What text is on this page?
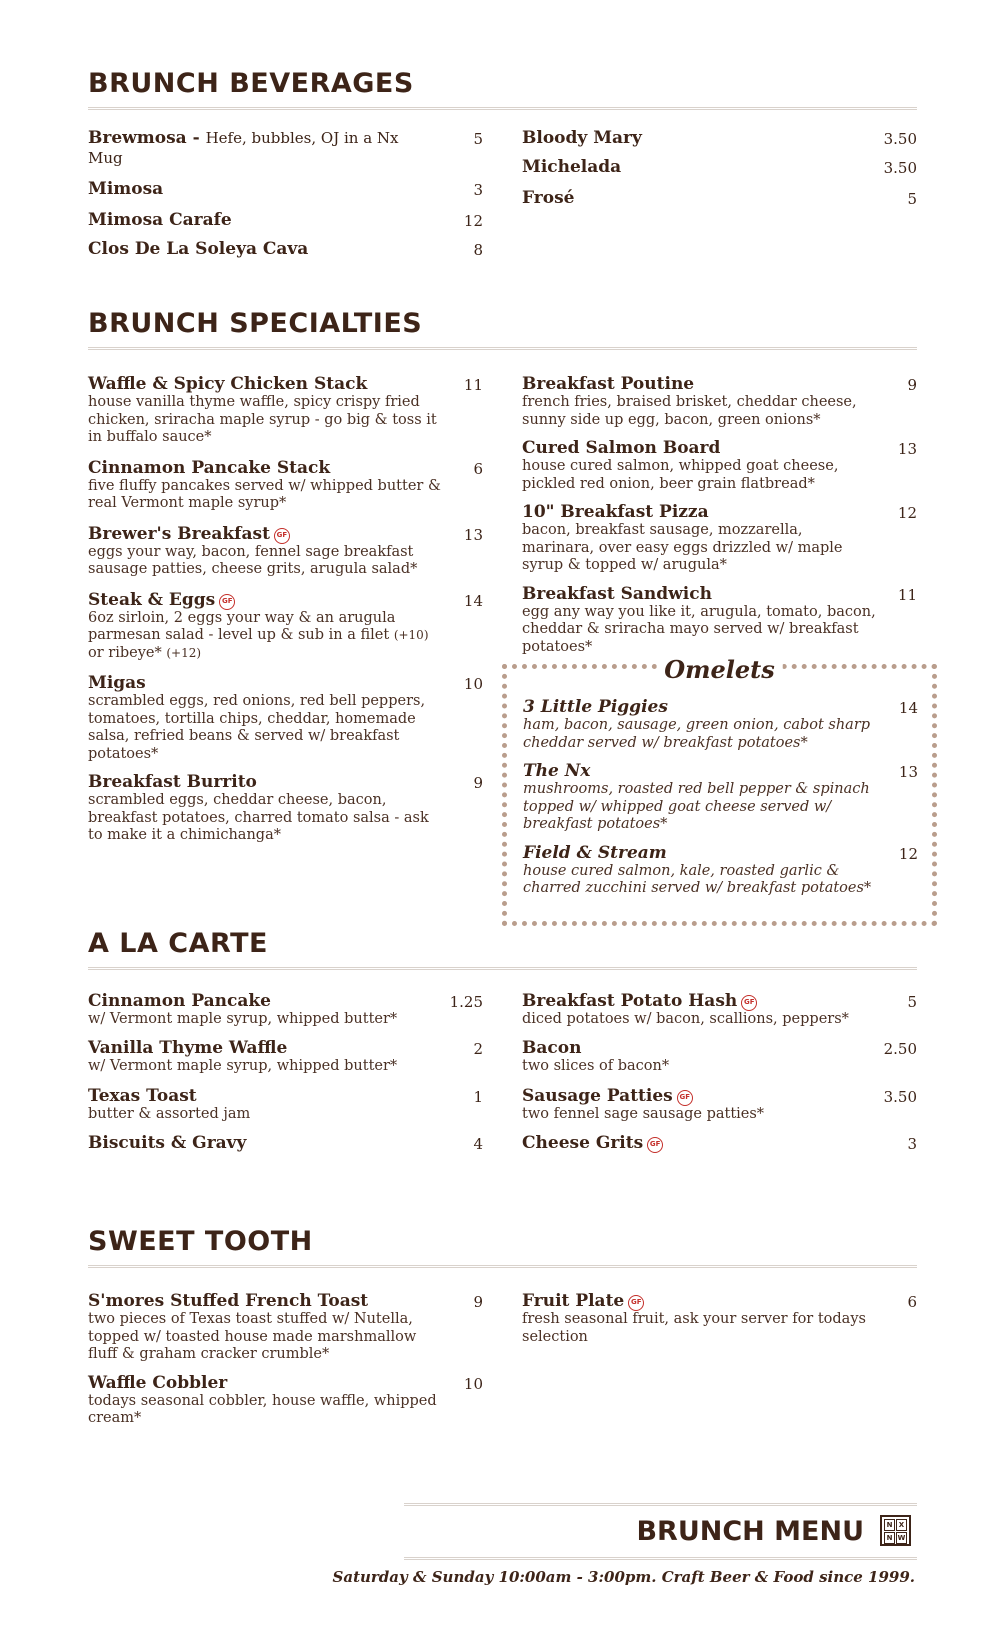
BRUNCH BEVERAGES
Brewmosa - Hefe, bubbles, OJ in a Nx Mug
5
Mimosa	3
Mimosa Carafe	12
Clos De La Soleya Cava	8
Bloody Mary	3.50
Michelada	3.50
Frosé	5
BRUNCH SPECIALTIES
Waffle & Spicy Chicken Stack	11
house vanilla thyme waffle, spicy crispy fried chicken, sriracha maple syrup - go big & toss it in buffalo sauce*
Cinnamon Pancake Stack	6
five fluffy pancakes served w/ whipped butter & real Vermont maple syrup*
Brewer's Breakfast GF	13
eggs your way, bacon, fennel sage breakfast sausage patties, cheese grits, arugula salad*
Steak & Eggs GF	14
6oz sirloin, 2 eggs your way & an arugula parmesan salad - level up & sub in a filet (+10) or ribeye* (+12)
Migas	10
scrambled eggs, red onions, red bell peppers, tomatoes, tortilla chips, cheddar, homemade salsa, refried beans & served w/ breakfast potatoes*
Breakfast Burrito	9
scrambled eggs, cheddar cheese, bacon, breakfast potatoes, charred tomato salsa - ask to make it a chimichanga*
Breakfast Poutine	9
french fries, braised brisket, cheddar cheese, sunny side up egg, bacon, green onions*
Cured Salmon Board	13
house cured salmon, whipped goat cheese, pickled red onion, beer grain flatbread*
10" Breakfast Pizza	12
bacon, breakfast sausage, mozzarella, marinara, over easy eggs drizzled w/ maple syrup & topped w/ arugula*
Breakfast Sandwich	11
egg any way you like it, arugula, tomato, bacon, cheddar & sriracha mayo served w/ breakfast potatoes*
Omelets
3 Little Piggies	14
ham, bacon, sausage, green onion, cabot sharp cheddar served w/ breakfast potatoes*
The Nx	13
mushrooms, roasted red bell pepper & spinach topped w/ whipped goat cheese served w/ breakfast potatoes*
Field & Stream	12
house cured salmon, kale, roasted garlic & charred zucchini served w/ breakfast potatoes*
A LA CARTE
Cinnamon Pancake	1.25
w/ Vermont maple syrup, whipped butter*
Vanilla Thyme Waffle	2
w/ Vermont maple syrup, whipped butter*
Texas Toast	1
butter & assorted jam
Biscuits & Gravy	4
Breakfast Potato Hash GF	5
diced potatoes w/ bacon, scallions, peppers*
Bacon	2.50
two slices of bacon*
Sausage Patties GF	3.50
two fennel sage sausage patties*
Cheese Grits GF	3
SWEET TOOTH
S'mores Stuffed French Toast	9
two pieces of Texas toast stuffed w/ Nutella, topped w/ toasted house made marshmallow fluff & graham cracker crumble*
Waffle Cobbler	10
todays seasonal cobbler, house waffle, whipped cream*
Fruit Plate GF	6
fresh seasonal fruit, ask your server for todays selection
BRUNCH MENU	N X
N W
Saturday & Sunday 10:00am - 3:00pm. Craft Beer & Food since 1999.
